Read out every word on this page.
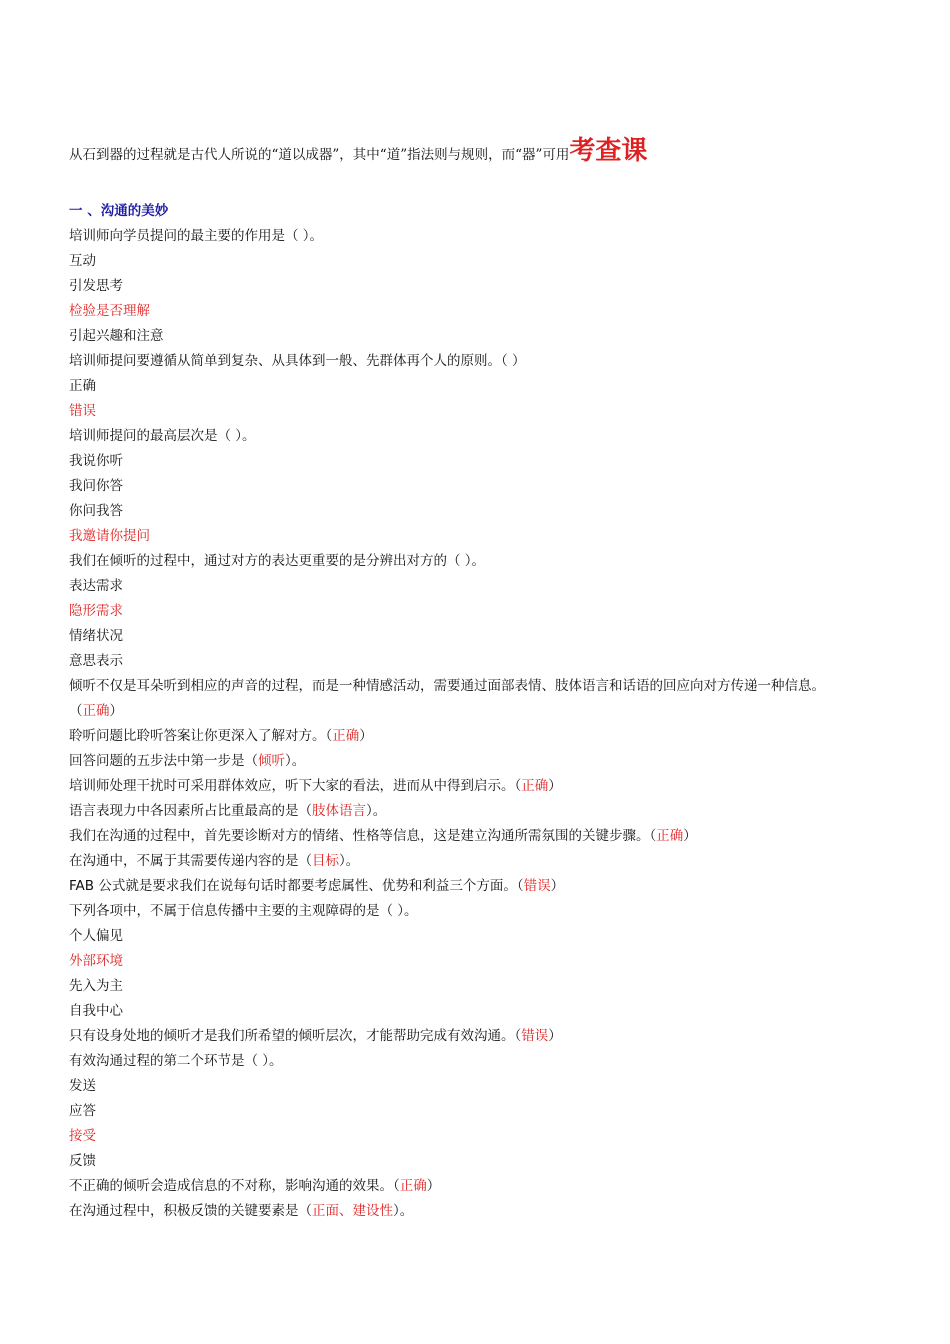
从石到器的过程就是古代人所说的“道以成器”，其中“道”指法则与规则，而“器”可用考查课
一 、沟通的美妙
培训师向学员提问的最主要的作用是（ ）。
互动
引发思考
检验是否理解
引起兴趣和注意
培训师提问要遵循从简单到复杂、从具体到一般、先群体再个人的原则。（ ）
正确
错误
培训师提问的最高层次是（ ）。
我说你听
我问你答
你问我答
我邀请你提问
我们在倾听的过程中，通过对方的表达更重要的是分辨出对方的（ ）。
表达需求
隐形需求
情绪状况
意思表示
倾听不仅是耳朵听到相应的声音的过程，而是一种情感活动，需要通过面部表情、肢体语言和话语的回应向对方传递一种信息。
（正确）
聆听问题比聆听答案让你更深入了解对方。（正确）
回答问题的五步法中第一步是（倾听）。
培训师处理干扰时可采用群体效应，听下大家的看法，进而从中得到启示。（正确）
语言表现力中各因素所占比重最高的是（肢体语言）。
我们在沟通的过程中，首先要诊断对方的情绪、性格等信息，这是建立沟通所需氛围的关键步骤。（正确）
在沟通中，不属于其需要传递内容的是（目标）。
FAB 公式就是要求我们在说每句话时都要考虑属性、优势和利益三个方面。（错误）
下列各项中，不属于信息传播中主要的主观障碍的是（ ）。
个人偏见
外部环境
先入为主
自我中心
只有设身处地的倾听才是我们所希望的倾听层次，才能帮助完成有效沟通。（错误）
有效沟通过程的第二个环节是（ ）。
发送
应答
接受
反馈
不正确的倾听会造成信息的不对称，影响沟通的效果。（正确）
在沟通过程中，积极反馈的关键要素是（正面、建设性）。
